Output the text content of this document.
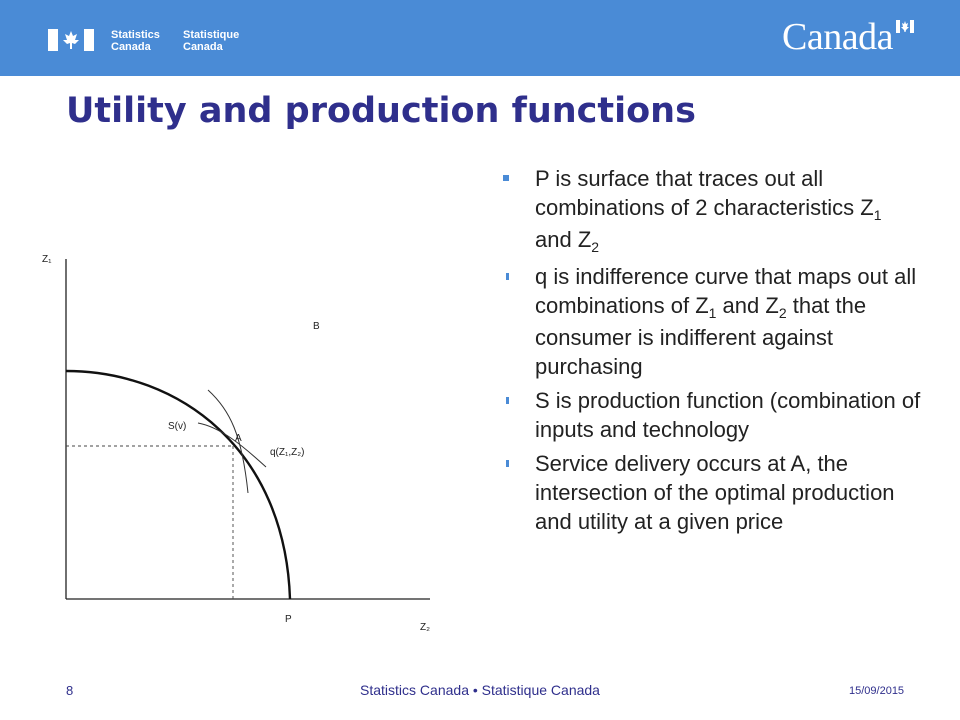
Statistics
Canada
Statistique
Canada	Canada
Utility and production functions
Z₁
Z₂
B
S(v)
A
q(Z₁,Z₂)
P
P is surface that traces out all combinations of 2 characteristics $Z_1$ and $Z_2$
q is indifference curve that maps out all combinations of $Z_1$ and $Z_2$ that the consumer is indifferent against purchasing
S is production function (combination of inputs and technology
Service delivery occurs at A, the intersection of the optimal production and utility at a given price
8	Statistics Canada • Statistique Canada	15/09/2015
